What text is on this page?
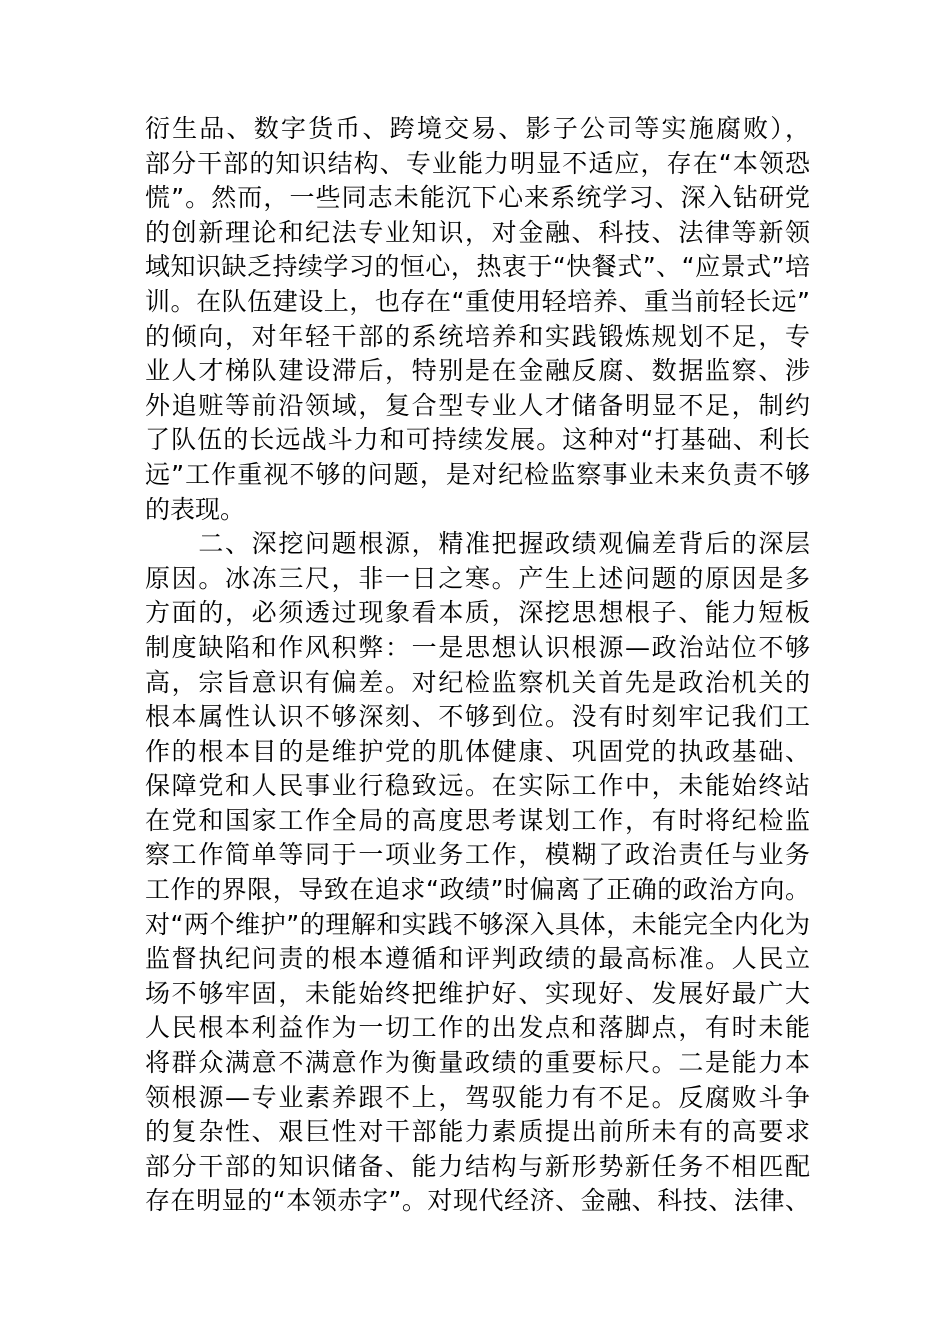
衍生品、数字货币、跨境交易、影子公司等实施腐败），
部分干部的知识结构、专业能力明显不适应，存在“本领恐
慌”。然而，一些同志未能沉下心来系统学习、深入钻研党
的创新理论和纪法专业知识，对金融、科技、法律等新领
域知识缺乏持续学习的恒心，热衷于“快餐式”、“应景式”培
训。在队伍建设上，也存在“重使用轻培养、重当前轻长远”
的倾向，对年轻干部的系统培养和实践锻炼规划不足，专
业人才梯队建设滞后，特别是在金融反腐、数据监察、涉
外追赃等前沿领域，复合型专业人才储备明显不足，制约
了队伍的长远战斗力和可持续发展。这种对“打基础、利长
远”工作重视不够的问题，是对纪检监察事业未来负责不够
的表现。
　　二、深挖问题根源，精准把握政绩观偏差背后的深层
原因。冰冻三尺，非一日之寒。产生上述问题的原因是多
方面的，必须透过现象看本质，深挖思想根子、能力短板
制度缺陷和作风积弊：一是思想认识根源—政治站位不够
高，宗旨意识有偏差。对纪检监察机关首先是政治机关的
根本属性认识不够深刻、不够到位。没有时刻牢记我们工
作的根本目的是维护党的肌体健康、巩固党的执政基础、
保障党和人民事业行稳致远。在实际工作中，未能始终站
在党和国家工作全局的高度思考谋划工作，有时将纪检监
察工作简单等同于一项业务工作，模糊了政治责任与业务
工作的界限，导致在追求“政绩”时偏离了正确的政治方向。
对“两个维护”的理解和实践不够深入具体，未能完全内化为
监督执纪问责的根本遵循和评判政绩的最高标准。人民立
场不够牢固，未能始终把维护好、实现好、发展好最广大
人民根本利益作为一切工作的出发点和落脚点，有时未能
将群众满意不满意作为衡量政绩的重要标尺。二是能力本
领根源—专业素养跟不上，驾驭能力有不足。反腐败斗争
的复杂性、艰巨性对干部能力素质提出前所未有的高要求
部分干部的知识储备、能力结构与新形势新任务不相匹配
存在明显的“本领赤字”。对现代经济、金融、科技、法律、
